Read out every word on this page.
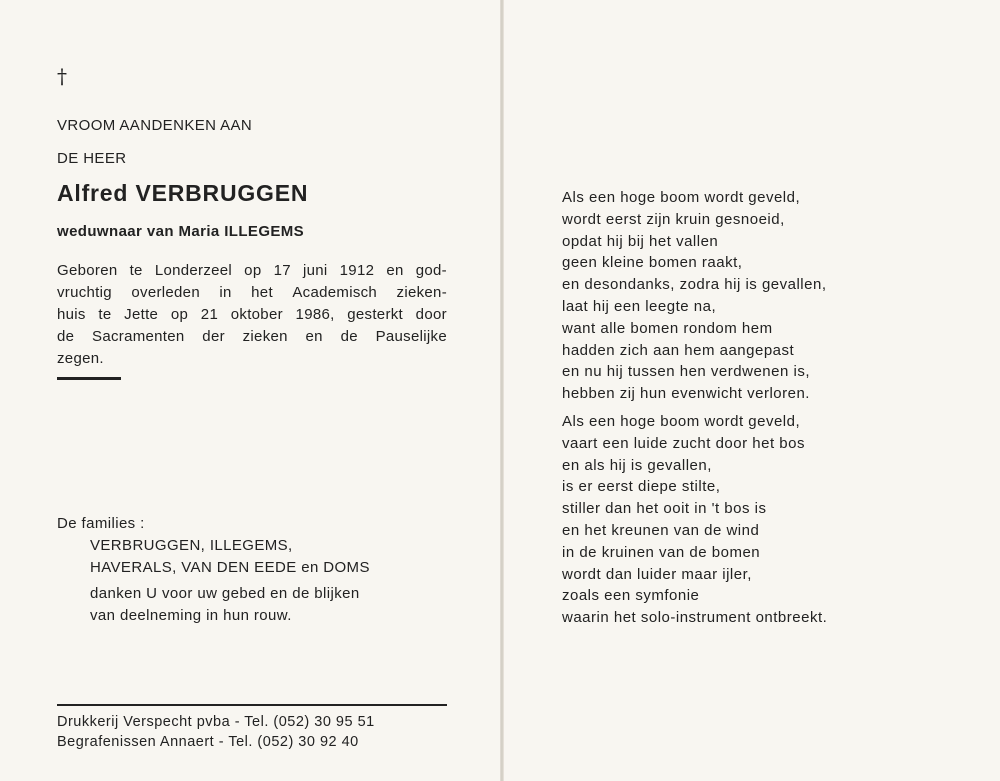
†
VROOM AANDENKEN AAN
DE HEER
Alfred VERBRUGGEN
weduwnaar van Maria ILLEGEMS
Geboren te Londerzeel op 17 juni 1912 en god-
vruchtig overleden in het Academisch zieken-
huis te Jette op 21 oktober 1986, gesterkt door
de Sacramenten der zieken en de Pauselijke
zegen.
De families :
VERBRUGGEN, ILLEGEMS,
HAVERALS, VAN DEN EEDE en DOMS
danken U voor uw gebed en de blijken
van deelneming in hun rouw.
Drukkerij Verspecht pvba - Tel. (052) 30 95 51
Begrafenissen Annaert - Tel. (052) 30 92 40
Als een hoge boom wordt geveld,
wordt eerst zijn kruin gesnoeid,
opdat hij bij het vallen
geen kleine bomen raakt,
en desondanks, zodra hij is gevallen,
laat hij een leegte na,
want alle bomen rondom hem
hadden zich aan hem aangepast
en nu hij tussen hen verdwenen is,
hebben zij hun evenwicht verloren.
Als een hoge boom wordt geveld,
vaart een luide zucht door het bos
en als hij is gevallen,
is er eerst diepe stilte,
stiller dan het ooit in 't bos is
en het kreunen van de wind
in de kruinen van de bomen
wordt dan luider maar ijler,
zoals een symfonie
waarin het solo-instrument ontbreekt.
